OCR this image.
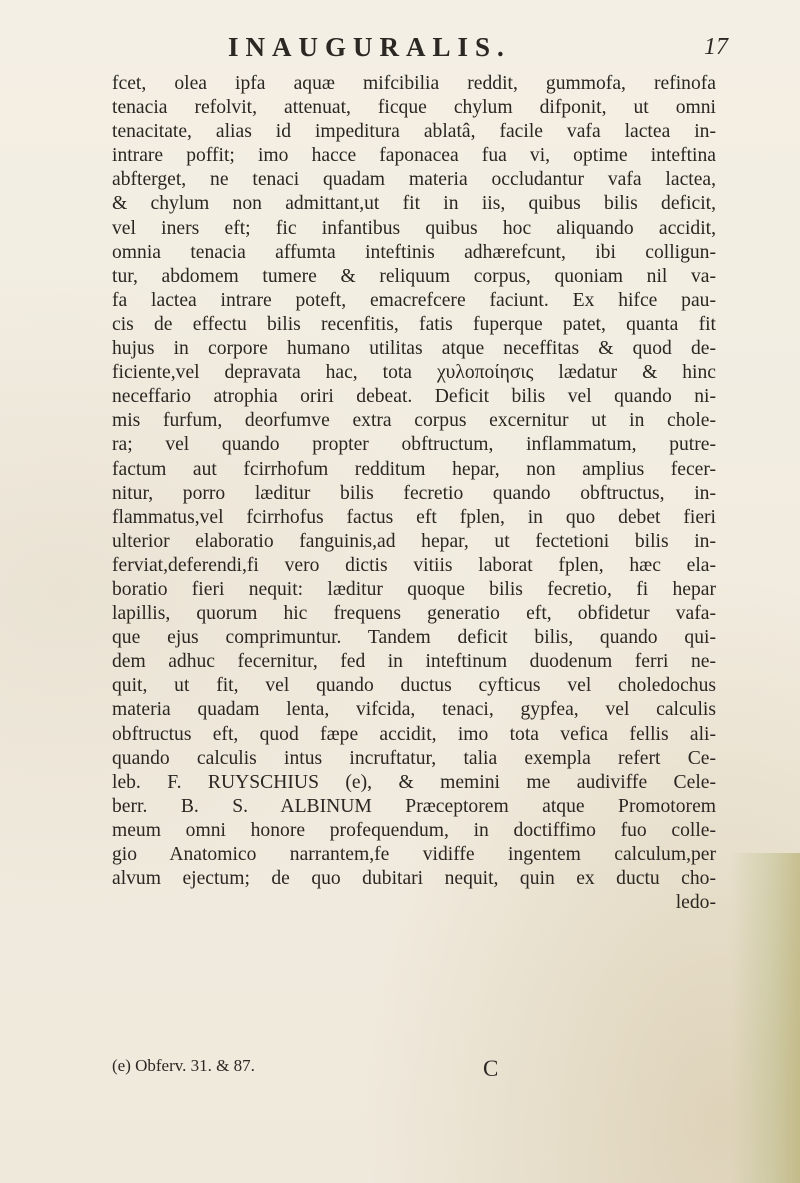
INAUGURALIS.	17
fcet, olea ipfa aquæ mifcibilia reddit, gummofa, refinofa
tenacia refolvit, attenuat, ficque chylum difponit, ut omni
tenacitate, alias id impeditura ablatâ, facile vafa lactea in-
intrare poffit; imo hacce faponacea fua vi, optime inteftina
abfterget, ne tenaci quadam materia occludantur vafa lactea,
& chylum non admittant,ut fit in iis, quibus bilis deficit,
vel iners eft; fic infantibus quibus hoc aliquando accidit,
omnia tenacia affumta inteftinis adhærefcunt, ibi colligun-
tur, abdomem tumere & reliquum corpus, quoniam nil va-
fa lactea intrare poteft, emacrefcere faciunt. Ex hifce pau-
cis de effectu bilis recenfitis, fatis fuperque patet, quanta fit
hujus in corpore humano utilitas atque neceffitas & quod de-
ficiente,vel depravata hac, tota χυλοποίησις lædatur & hinc
neceffario atrophia oriri debeat. Deficit bilis vel quando ni-
mis furfum, deorfumve extra corpus excernitur ut in chole-
ra; vel quando propter obftructum, inflammatum, putre-
factum aut fcirrhofum redditum hepar, non amplius fecer-
nitur, porro læditur bilis fecretio quando obftructus, in-
flammatus,vel fcirrhofus factus eft fplen, in quo debet fieri
ulterior elaboratio fanguinis,ad hepar, ut fectetioni bilis in-
ferviat,deferendi,fi vero dictis vitiis laborat fplen, hæc ela-
boratio fieri nequit: læditur quoque bilis fecretio, fi hepar
lapillis, quorum hic frequens generatio eft, obfidetur vafa-
que ejus comprimuntur. Tandem deficit bilis, quando qui-
dem adhuc fecernitur, fed in inteftinum duodenum ferri ne-
quit, ut fit, vel quando ductus cyfticus vel choledochus
materia quadam lenta, vifcida, tenaci, gypfea, vel calculis
obftructus eft, quod fæpe accidit, imo tota vefica fellis ali-
quando calculis intus incruftatur, talia exempla refert Ce-
leb. F. RUYSCHIUS (e), & memini me audiviffe Cele-
berr. B. S. ALBINUM Præceptorem atque Promotorem
meum omni honore profequendum, in doctiffimo fuo colle-
gio Anatomico narrantem,fe vidiffe ingentem calculum,per
alvum ejectum; de quo dubitari nequit, quin ex ductu cho-
ledo-
(e) Obferv. 31. & 87.	C
